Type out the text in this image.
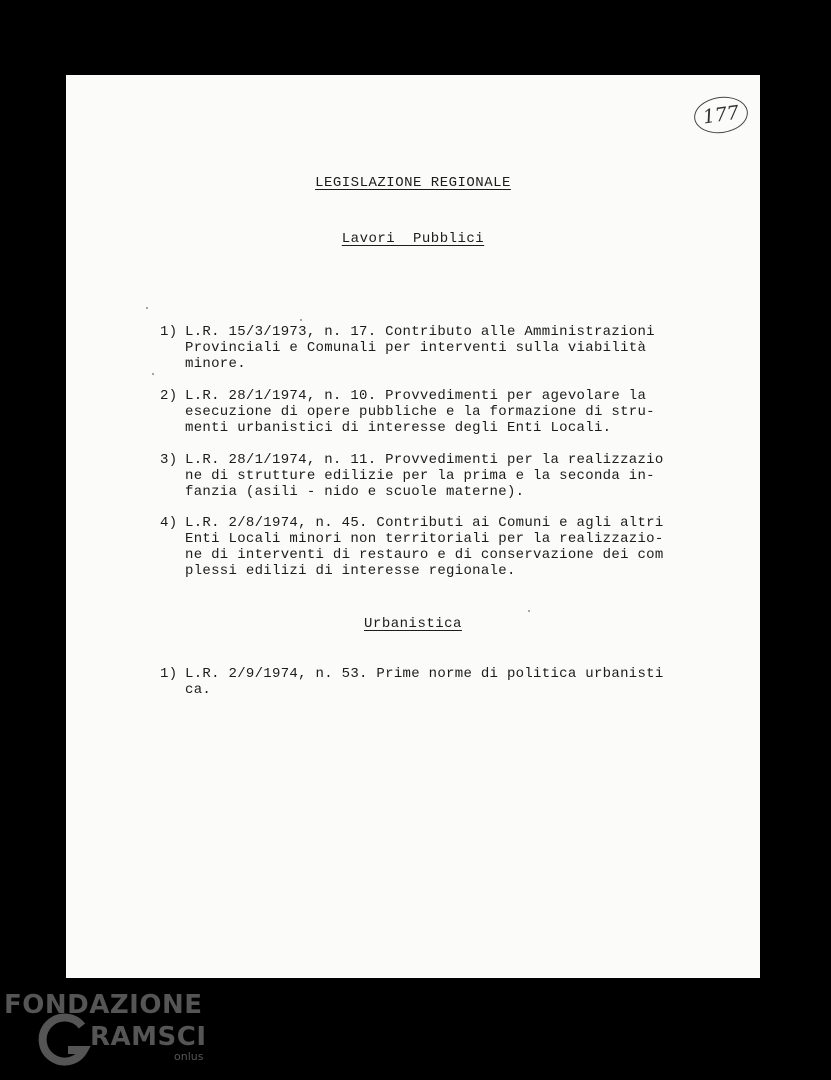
177
LEGISLAZIONE REGIONALE
Lavori  Pubblici
1) L.R. 15/3/1973, n. 17. Contributo alle Amministrazioni
Provinciali e Comunali per interventi sulla viabilità
minore.
2) L.R. 28/1/1974, n. 10. Provvedimenti per agevolare la
esecuzione di opere pubbliche e la formazione di stru-
menti urbanistici di interesse degli Enti Locali.
3) L.R. 28/1/1974, n. 11. Provvedimenti per la realizzazio
ne di strutture edilizie per la prima e la seconda in-
fanzia (asili - nido e scuole materne).
4) L.R. 2/8/1974, n. 45. Contributi ai Comuni e agli altri
Enti Locali minori non territoriali per la realizzazio-
ne di interventi di restauro e di conservazione dei com
plessi edilizi di interesse regionale.
Urbanistica
1) L.R. 2/9/1974, n. 53. Prime norme di politica urbanisti
ca.
FONDAZIONE
RAMSCI
onlus
